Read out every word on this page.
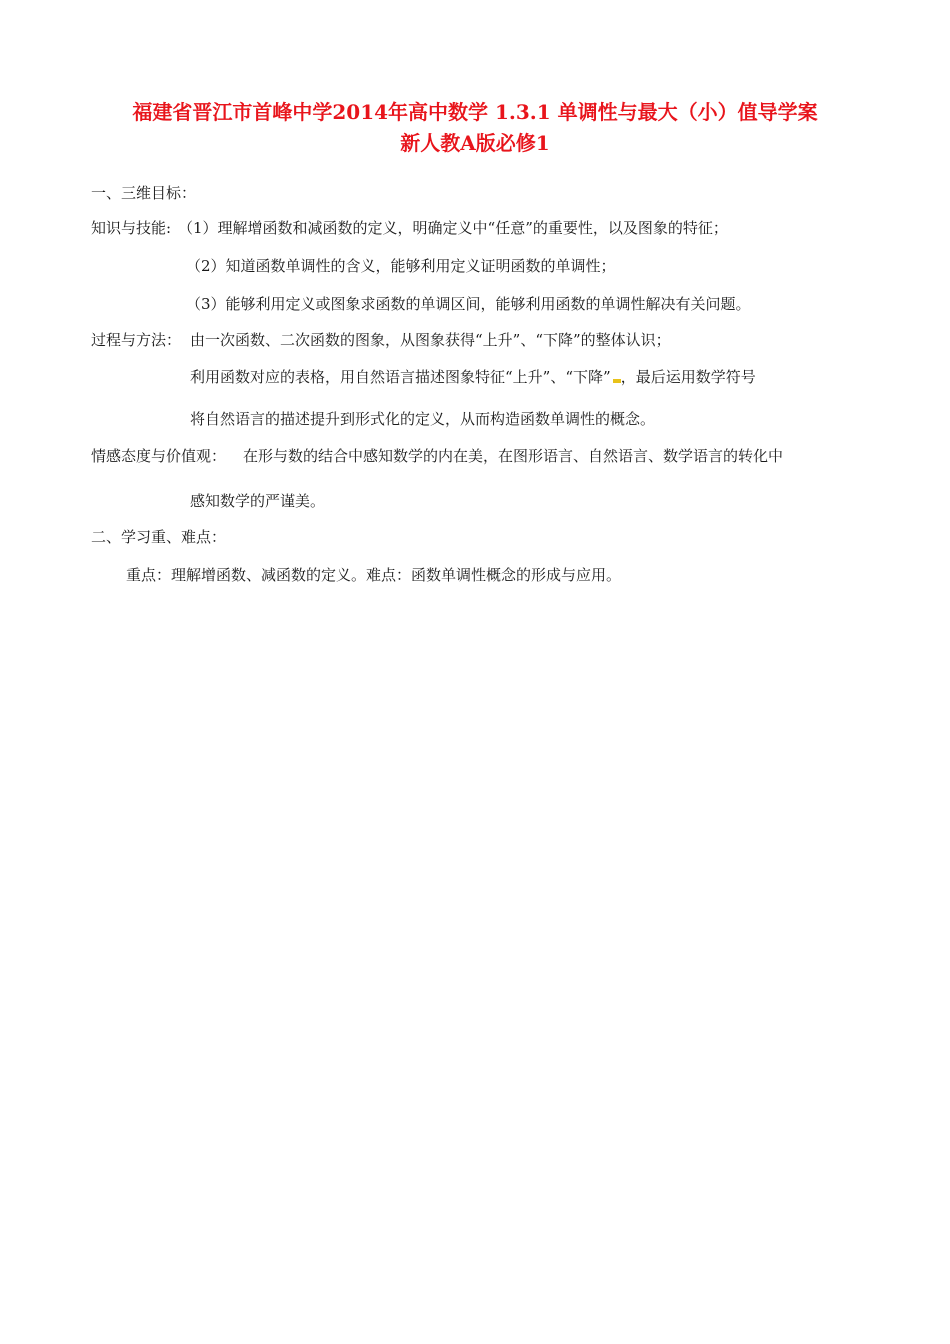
福建省晋江市首峰中学2014年高中数学 1.3.1 单调性与最大（小）值导学案
新人教A版必修1
一、三维目标：
知识与技能: （1）理解增函数和减函数的定义，明确定义中“任意”的重要性，以及图象的特征；
（2）知道函数单调性的含义，能够利用定义证明函数的单调性；
（3）能够利用定义或图象求函数的单调区间，能够利用函数的单调性解决有关问题。
过程与方法： 由一次函数、二次函数的图象，从图象获得“上升”、“下降”的整体认识；
利用函数对应的表格，用自然语言描述图象特征“上升”、“下降” ，最后运用数学符号
将自然语言的描述提升到形式化的定义，从而构造函数单调性的概念。
情感态度与价值观： 在形与数的结合中感知数学的内在美，在图形语言、自然语言、数学语言的转化中
感知数学的严谨美。
二、学习重、难点：
重点：理解增函数、减函数的定义。难点：函数单调性概念的形成与应用。
